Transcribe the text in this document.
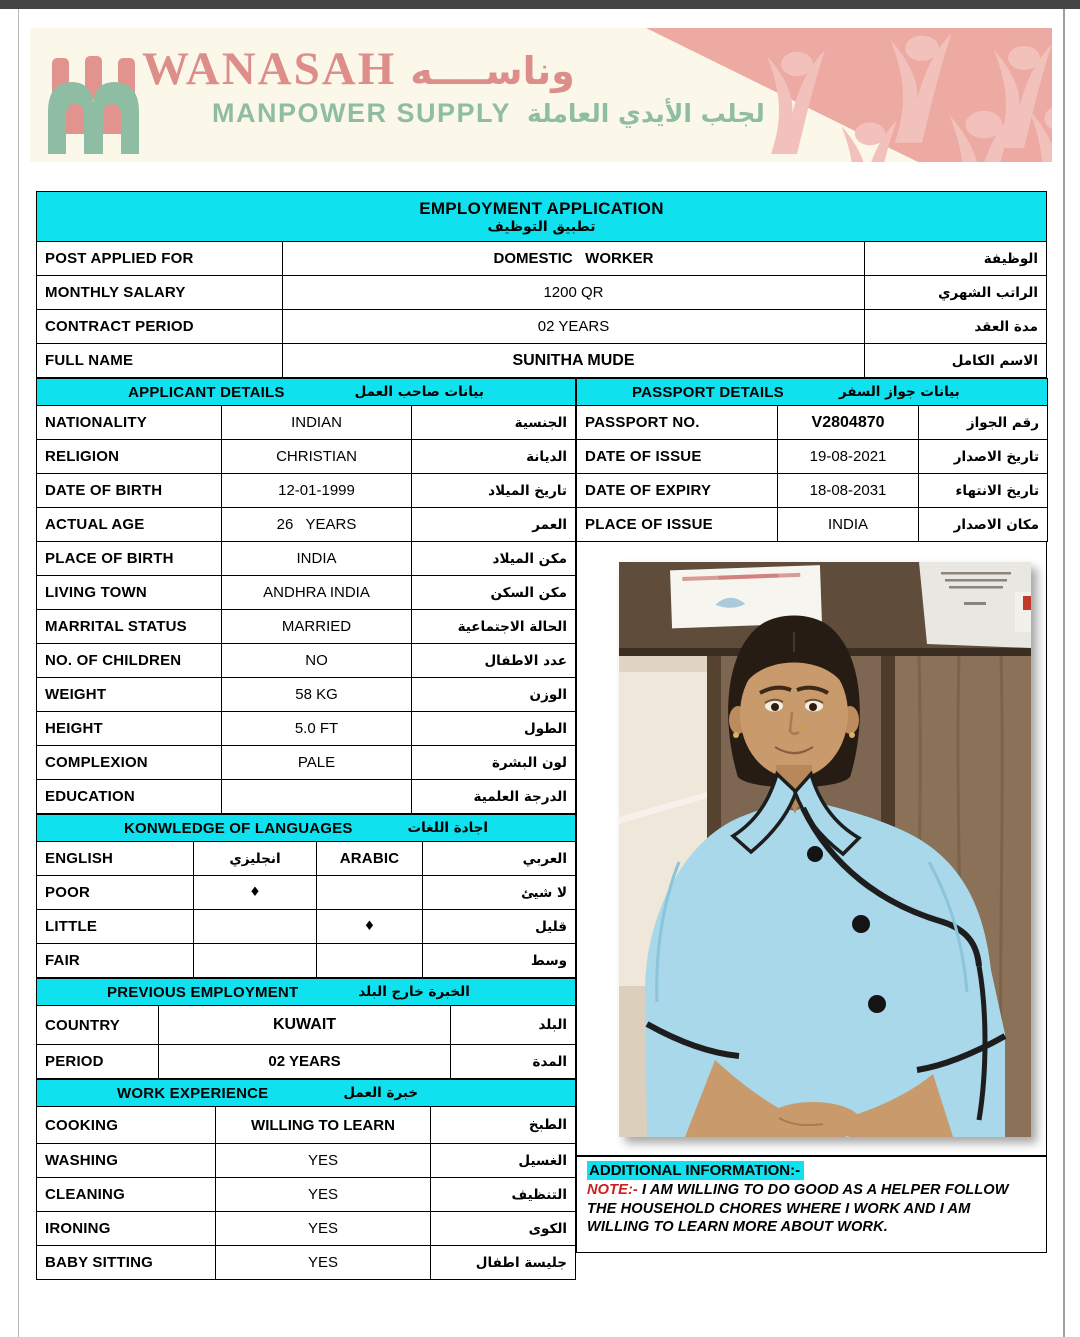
WANASAH وناســــه
MANPOWER SUPPLY لجلب الأيدي العاملة
EMPLOYMENT APPLICATION
تطبيق التوظيف		

POST APPLIED FOR	DOMESTIC   WORKER	الوظيفة
MONTHLY SALARY	1200 QR	الراتب الشهري
CONTRACT PERIOD	02 YEARS	مدة العقد
FULL NAME	SUNITHA MUDE	الاسم الكامل
APPLICANT DETAILS بيانات صاحب العمل		

NATIONALITY	INDIAN	الجنسية
RELIGION	CHRISTIAN	الديانة
DATE OF BIRTH	12-01-1999	تاريخ الميلاد
ACTUAL AGE	26   YEARS	العمر
PLACE OF BIRTH	INDIA	مكن الميلاد
LIVING TOWN	ANDHRA INDIA	مكن السكن
MARRITAL STATUS	MARRIED	الحالة الاجتماعية
NO. OF CHILDREN	NO	عدد الاطفال
WEIGHT	58 KG	الوزن
HEIGHT	5.0 FT	الطول
COMPLEXION	PALE	لون البشرة
EDUCATION		الدرجة العلمية
KONWLEDGE OF LANGUAGES اجادة اللغات			

ENGLISH	انجليزي	ARABIC	العربي
POOR	♦		لا شيئ
LITTLE		♦	قليل
FAIR			وسط
PREVIOUS EMPLOYMENT الخبرة خارج البلد		

COUNTRY	KUWAIT	البلد
PERIOD	02 YEARS	المدة
WORK EXPERIENCE خبرة العمل		

COOKING	WILLING TO LEARN	الطبخ
WASHING	YES	الغسيل
CLEANING	YES	التنظيف
IRONING	YES	الكوى
BABY SITTING	YES	جليسة اطفال
PASSPORT DETAILS بيانات جواز السفر		

PASSPORT NO.	V2804870	رقم الجواز
DATE OF ISSUE	19-08-2021	تاريخ الاصدار
DATE OF EXPIRY	18-08-2031	تاريخ الانتهاء
PLACE OF ISSUE	INDIA	مكان الاصدار
ADDITIONAL INFORMATION:-

NOTE:- I AM WILLING TO DO GOOD AS A HELPER FOLLOW THE HOUSEHOLD CHORES WHERE I WORK AND I AM WILLING TO LEARN MORE ABOUT WORK.
